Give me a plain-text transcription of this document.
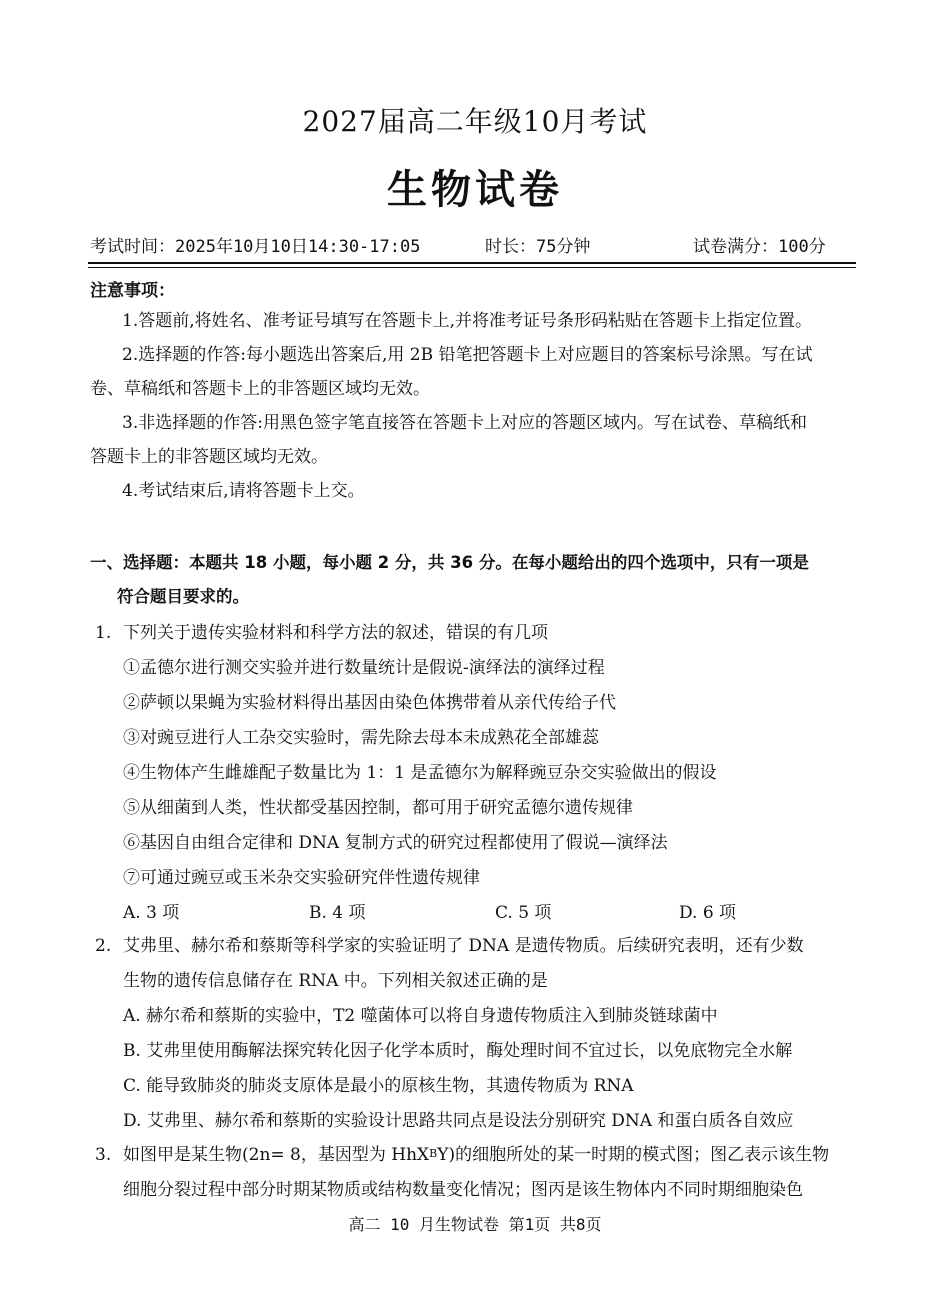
2027届高二年级10月考试
生物试卷
考试时间：2025年10月10日14:30-17:05	时长：75分钟	试卷满分：100分
注意事项：
1.答题前,将姓名、准考证号填写在答题卡上,并将准考证号条形码粘贴在答题卡上指定位置。
2.选择题的作答:每小题选出答案后,用 2B 铅笔把答题卡上对应题目的答案标号涂黑。写在试
卷、草稿纸和答题卡上的非答题区域均无效。
3.非选择题的作答:用黑色签字笔直接答在答题卡上对应的答题区域内。写在试卷、草稿纸和
答题卡上的非答题区域均无效。
4.考试结束后,请将答题卡上交。
一、选择题：本题共 18 小题，每小题 2 分，共 36 分。在每小题给出的四个选项中，只有一项是
符合题目要求的。
1. 下列关于遗传实验材料和科学方法的叙述，错误的有几项
①孟德尔进行测交实验并进行数量统计是假说-演绎法的演绎过程
②萨顿以果蝇为实验材料得出基因由染色体携带着从亲代传给子代
③对豌豆进行人工杂交实验时，需先除去母本未成熟花全部雄蕊
④生物体产生雌雄配子数量比为 1：1 是孟德尔为解释豌豆杂交实验做出的假设
⑤从细菌到人类，性状都受基因控制，都可用于研究孟德尔遗传规律
⑥基因自由组合定律和 DNA 复制方式的研究过程都使用了假说—演绎法
⑦可通过豌豆或玉米杂交实验研究伴性遗传规律
A. 3 项	B. 4 项	C. 5 项	D. 6 项
2. 艾弗里、赫尔希和蔡斯等科学家的实验证明了 DNA 是遗传物质。后续研究表明，还有少数
生物的遗传信息储存在 RNA 中。下列相关叙述正确的是
A. 赫尔希和蔡斯的实验中，T2 噬菌体可以将自身遗传物质注入到肺炎链球菌中
B. 艾弗里使用酶解法探究转化因子化学本质时，酶处理时间不宜过长，以免底物完全水解
C. 能导致肺炎的肺炎支原体是最小的原核生物，其遗传物质为 RNA
D. 艾弗里、赫尔希和蔡斯的实验设计思路共同点是设法分别研究 DNA 和蛋白质各自效应
3. 如图甲是某生物(2n= 8，基因型为 HhX$^B$Y)的细胞所处的某一时期的模式图；图乙表示该生物
细胞分裂过程中部分时期某物质或结构数量变化情况；图丙是该生物体内不同时期细胞染色
高二 10 月生物试卷 第1页 共8页
